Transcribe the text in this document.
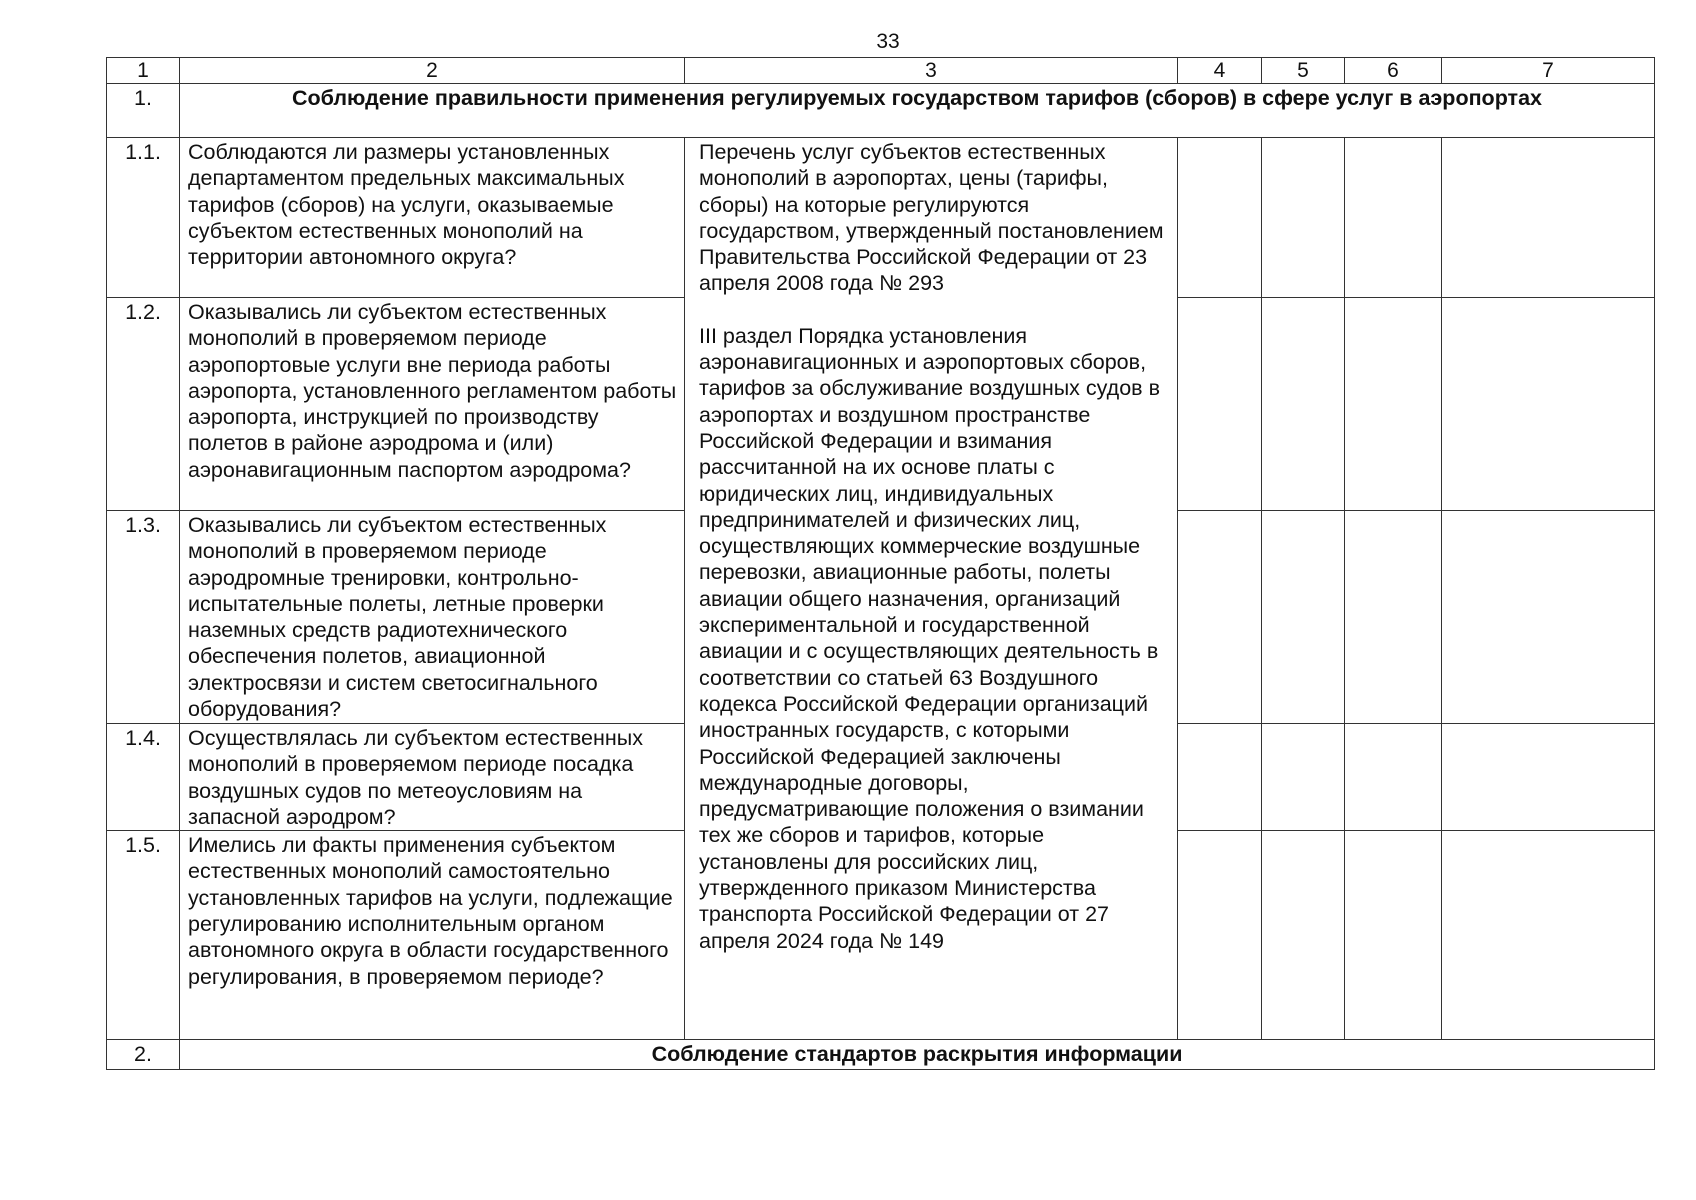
33
1	2	3	4	5	6	7
1.	Соблюдение правильности применения регулируемых государством тарифов (сборов) в сфере услуг в аэропортах					
1.1.	Соблюдаются ли размеры установленных департаментом предельных максимальных тарифов (сборов) на услуги, оказываемые субъектом естественных монополий на территории автономного округа?	Перечень услуг субъектов естественных монополий в аэропортах, цены (тарифы, сборы) на которые регулируются государством, утвержденный постановлением Правительства Российской Федерации от 23 апреля 2008 года № 293
III раздел Порядка установления аэронавигационных и аэропортовых сборов, тарифов за обслуживание воздушных судов в аэропортах и воздушном пространстве Российской Федерации и взимания рассчитанной на их основе платы с юридических лиц, индивидуальных предпринимателей и физических лиц, осуществляющих коммерческие воздушные перевозки, авиационные работы, полеты авиации общего назначения, организаций экспериментальной и государственной авиации и с осуществляющих деятельность в соответствии со статьей 63 Воздушного кодекса Российской Федерации организаций иностранных государств, с которыми Российской Федерацией заключены международные договоры, предусматривающие положения о взимании тех же сборов и тарифов, которые установлены для российских лиц, утвержденного приказом Министерства транспорта Российской Федерации от 27 апреля 2024 года № 149				

1.2.	Оказывались ли субъектом естественных монополий в проверяемом периоде аэропортовые услуги вне периода работы аэропорта, установленного регламентом работы аэропорта, инструкцией по производству полетов в районе аэродрома и (или) аэронавигационным паспортом аэродрома?					
1.3.	Оказывались ли субъектом естественных монополий в проверяемом периоде аэродромные тренировки, контрольно-испытательные полеты, летные проверки наземных средств радиотехнического обеспечения полетов, авиационной электросвязи и систем светосигнального оборудования?					
1.4.	Осуществлялась ли субъектом естественных монополий в проверяемом периоде посадка воздушных судов по метеоусловиям на запасной аэродром?					
1.5.	Имелись ли факты применения субъектом естественных монополий самостоятельно установленных тарифов на услуги, подлежащие регулированию исполнительным органом автономного округа в области государственного регулирования, в проверяемом периоде?					
2.	Соблюдение стандартов раскрытия информации					
